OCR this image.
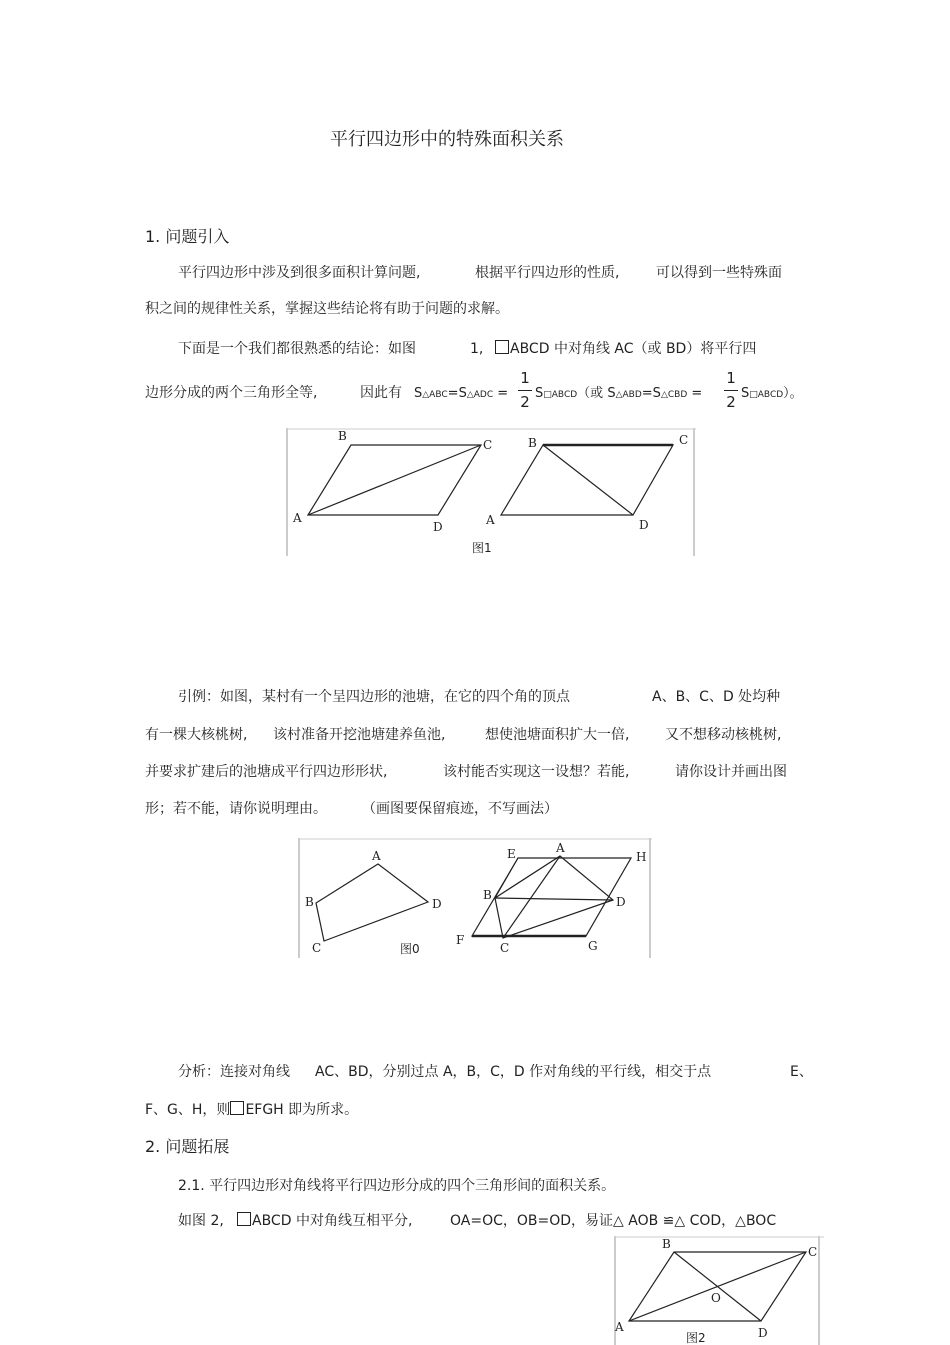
平行四边形中的特殊面积关系
1. 问题引入
平行四边形中涉及到很多面积计算问题,	根据平行四边形的性质,	可以得到一些特殊面
积之间的规律性关系，掌握这些结论将有助于问题的求解。
下面是一个我们都很熟悉的结论：如图	1,	ABCD 中对角线 AC（或 BD）将平行四
边形分成的两个三角形全等,	因此有 S△ABC=S△ADC =
1
2 S□ABCD（或 S△ABD=S△CBD =
1
2 S□ABCD）。
A
B
C
D	A
B	C
D
图1
引例：如图，某村有一个呈四边形的池塘，在它的四个角的顶点	A、B、C、D 处均种
有一棵大核桃树, 该村准备开挖池塘建养鱼池,	想使池塘面积扩大一倍,	又不想移动核桃树,
并要求扩建后的池塘成平行四边形形状,	该村能否实现这一设想？若能,	请你设计并画出图
形；若不能，请你说明理由。	（画图要保留痕迹，不写画法）
A
B
C
D
图0
E	A
H
B	D
F
C	G
分析：连接对角线 AC、BD，分别过点 A，B，C，D 作对角线的平行线，相交于点	E、
F、G、H，则 EFGH 即为所求。
2. 问题拓展
2.1. 平行四边形对角线将平行四边形分成的四个三角形间的面积关系。
如图 2,	ABCD 中对角线互相平分,	OA=OC，OB=OD，易证△ AOB ≌△ COD，△BOC
A
B
C
D
O
图2
